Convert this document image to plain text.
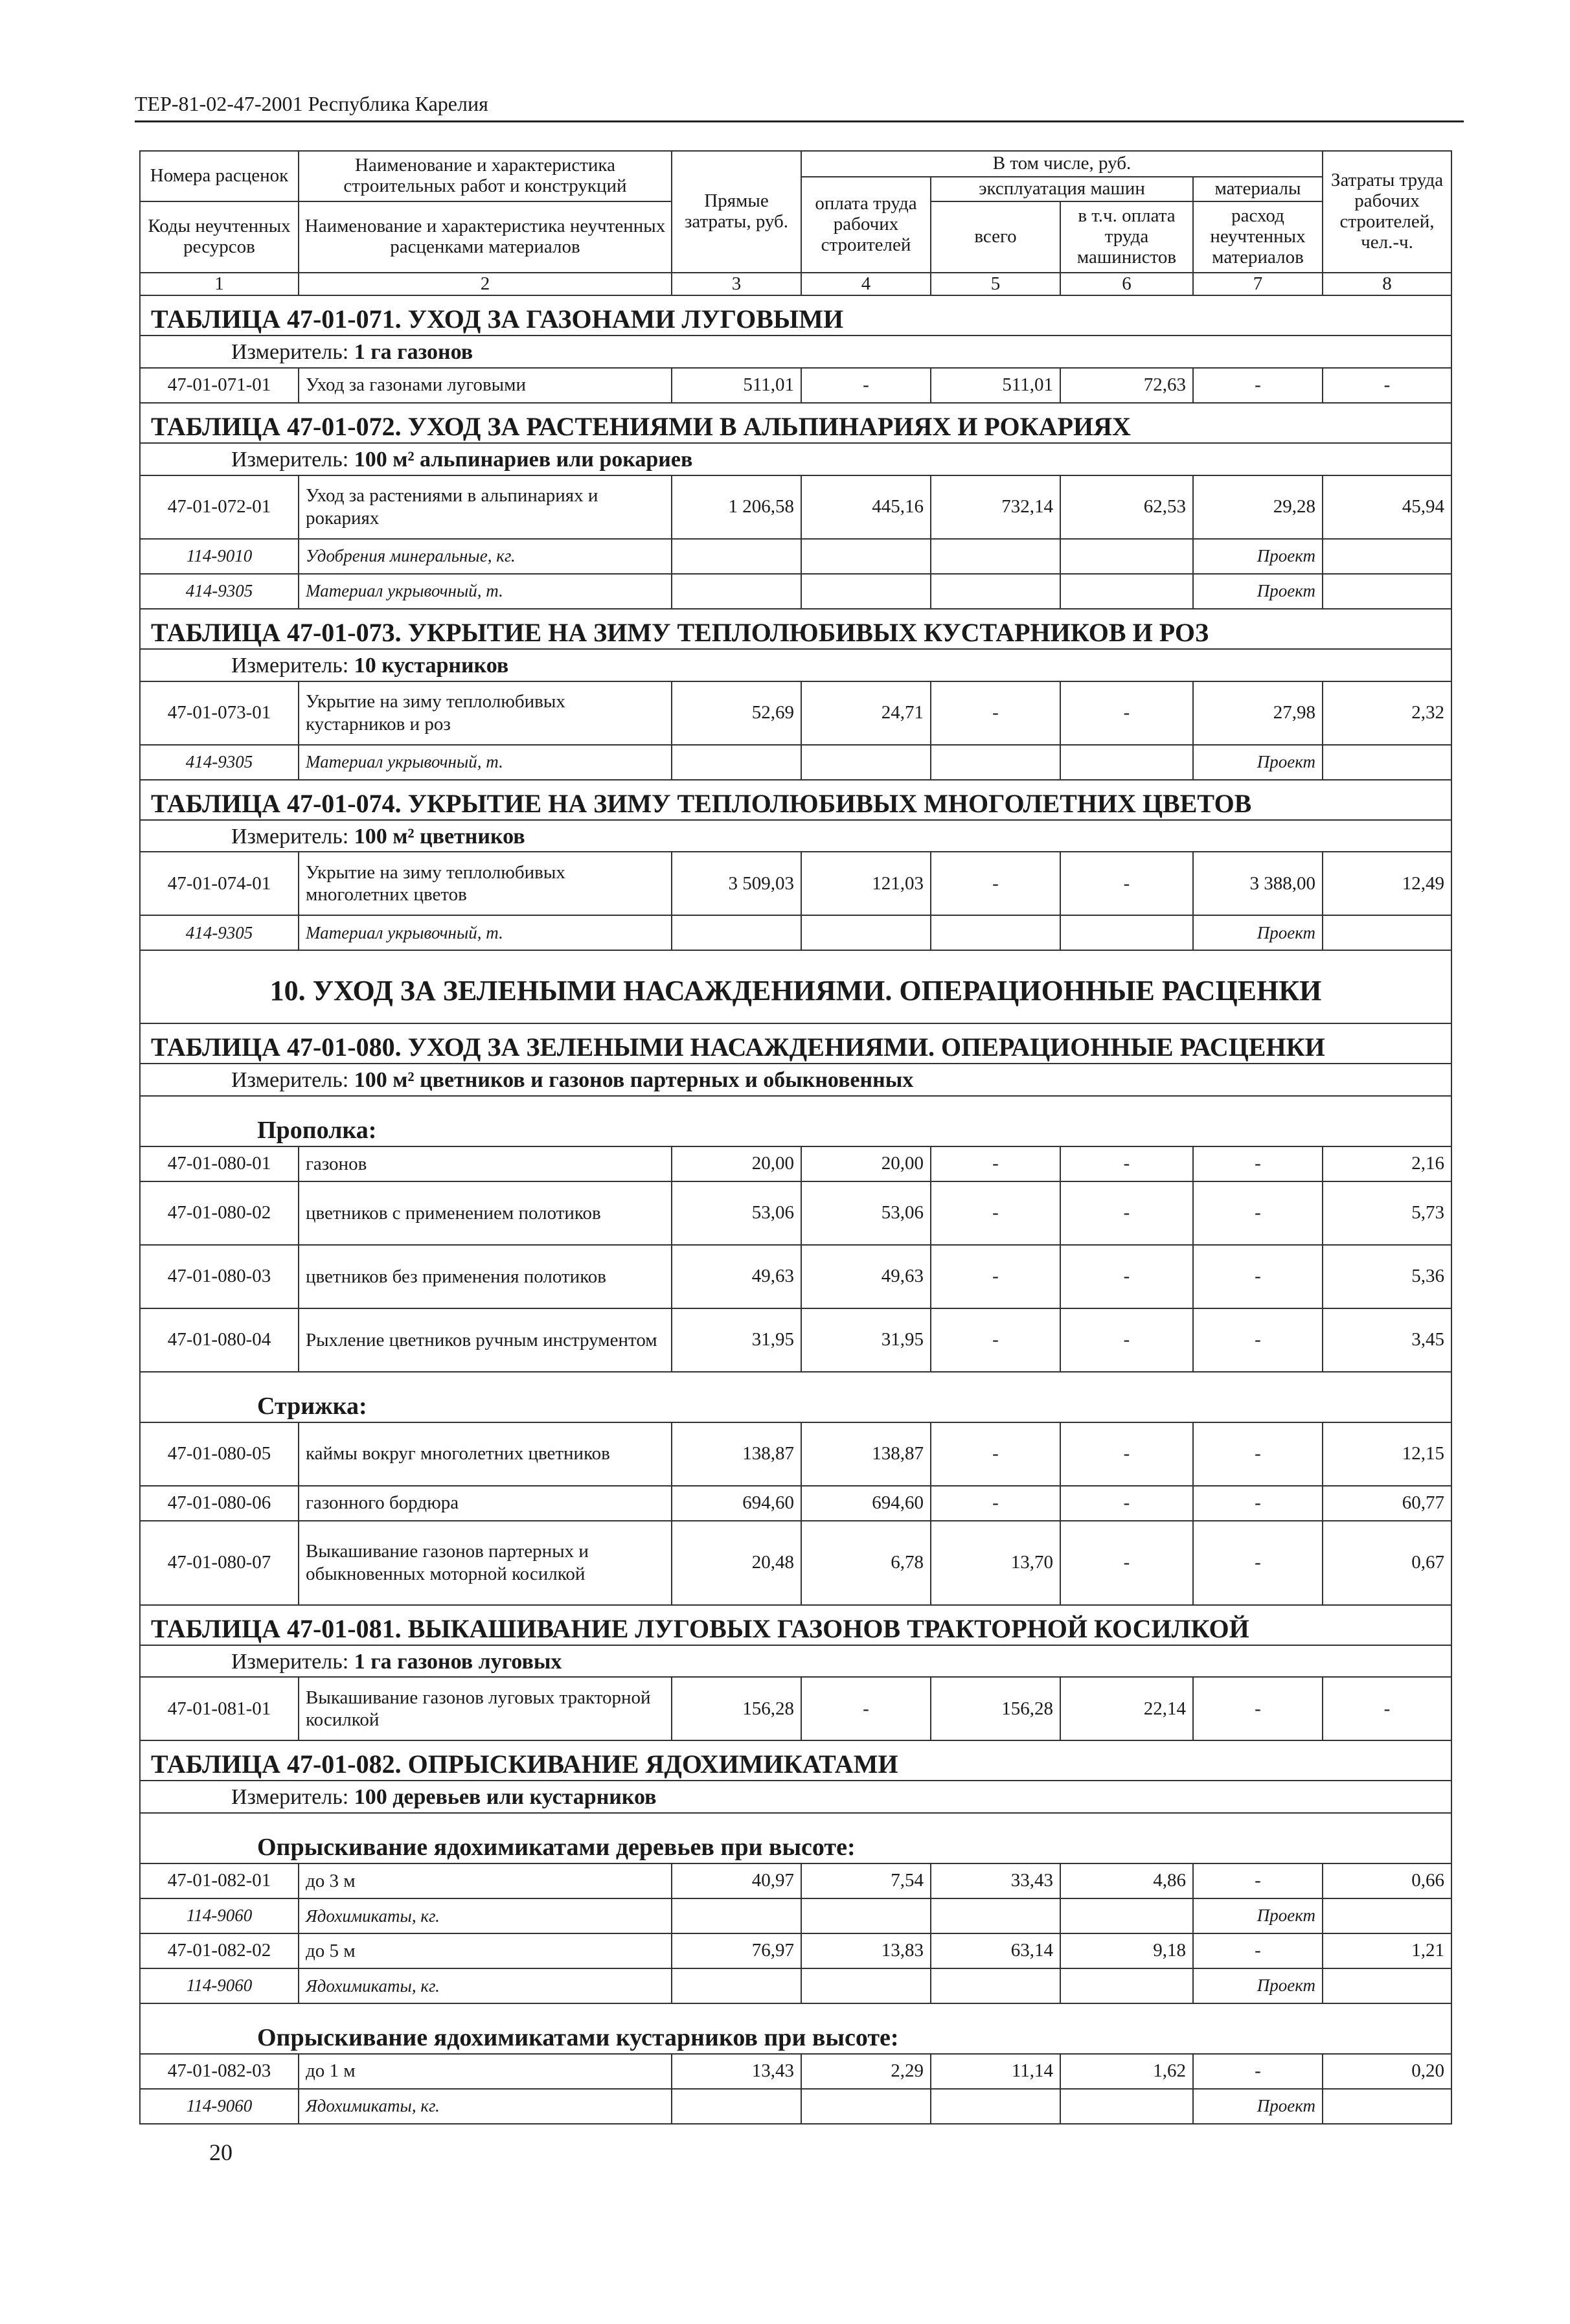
ТЕР-81-02-47-2001 Республика Карелия
Номера расценок	Наименование и характеристика строительных работ и конструкций	Прямые затраты, руб.	В том числе, руб.				Затраты труда рабочих строителей, чел.-ч.
			оплата труда рабочих строителей	эксплуатация машин		материалы	
Коды неучтенных ресурсов	Наименование и характеристика неучтенных расценками материалов			всего	в т.ч. оплата труда машинистов	расход неучтенных материалов	

1	2	3	4	5	6	7	8
ТАБЛИЦА 47-01-071. УХОД ЗА ГАЗОНАМИ ЛУГОВЫМИ							
Измеритель: 1 га газонов							
47-01-071-01	Уход за газонами луговыми	511,01	-	511,01	72,63	-	-
ТАБЛИЦА 47-01-072. УХОД ЗА РАСТЕНИЯМИ В АЛЬПИНАРИЯХ И РОКАРИЯХ							
Измеритель: 100 м² альпинариев или рокариев							
47-01-072-01	Уход за растениями в альпинариях и рокариях	1 206,58	445,16	732,14	62,53	29,28	45,94
114-9010	Удобрения минеральные, кг.					Проект	
414-9305	Материал укрывочный, т.					Проект	
ТАБЛИЦА 47-01-073. УКРЫТИЕ НА ЗИМУ ТЕПЛОЛЮБИВЫХ КУСТАРНИКОВ И РОЗ							
Измеритель: 10 кустарников							
47-01-073-01	Укрытие на зиму теплолюбивых кустарников и роз	52,69	24,71	-	-	27,98	2,32
414-9305	Материал укрывочный, т.					Проект	
ТАБЛИЦА 47-01-074. УКРЫТИЕ НА ЗИМУ ТЕПЛОЛЮБИВЫХ МНОГОЛЕТНИХ ЦВЕТОВ							
Измеритель: 100 м² цветников							
47-01-074-01	Укрытие на зиму теплолюбивых многолетних цветов	3 509,03	121,03	-	-	3 388,00	12,49
414-9305	Материал укрывочный, т.					Проект	
10. УХОД ЗА ЗЕЛЕНЫМИ НАСАЖДЕНИЯМИ. ОПЕРАЦИОННЫЕ РАСЦЕНКИ							
ТАБЛИЦА 47-01-080. УХОД ЗА ЗЕЛЕНЫМИ НАСАЖДЕНИЯМИ. ОПЕРАЦИОННЫЕ РАСЦЕНКИ							
Измеритель: 100 м² цветников и газонов партерных и обыкновенных							
Прополка:							
47-01-080-01	газонов	20,00	20,00	-	-	-	2,16
47-01-080-02	цветников с применением полотиков	53,06	53,06	-	-	-	5,73
47-01-080-03	цветников без применения полотиков	49,63	49,63	-	-	-	5,36
47-01-080-04	Рыхление цветников ручным инструментом	31,95	31,95	-	-	-	3,45
Стрижка:							
47-01-080-05	каймы вокруг многолетних цветников	138,87	138,87	-	-	-	12,15
47-01-080-06	газонного бордюра	694,60	694,60	-	-	-	60,77
47-01-080-07	Выкашивание газонов партерных и обыкновенных моторной косилкой	20,48	6,78	13,70	-	-	0,67
ТАБЛИЦА 47-01-081. ВЫКАШИВАНИЕ ЛУГОВЫХ ГАЗОНОВ ТРАКТОРНОЙ КОСИЛКОЙ							
Измеритель: 1 га газонов луговых							
47-01-081-01	Выкашивание газонов луговых тракторной косилкой	156,28	-	156,28	22,14	-	-
ТАБЛИЦА 47-01-082. ОПРЫСКИВАНИЕ ЯДОХИМИКАТАМИ							
Измеритель: 100 деревьев или кустарников							
Опрыскивание ядохимикатами деревьев при высоте:							
47-01-082-01	до 3 м	40,97	7,54	33,43	4,86	-	0,66
114-9060	Ядохимикаты, кг.					Проект	
47-01-082-02	до 5 м	76,97	13,83	63,14	9,18	-	1,21
114-9060	Ядохимикаты, кг.					Проект	
Опрыскивание ядохимикатами кустарников при высоте:							
47-01-082-03	до 1 м	13,43	2,29	11,14	1,62	-	0,20
114-9060	Ядохимикаты, кг.					Проект	
20
